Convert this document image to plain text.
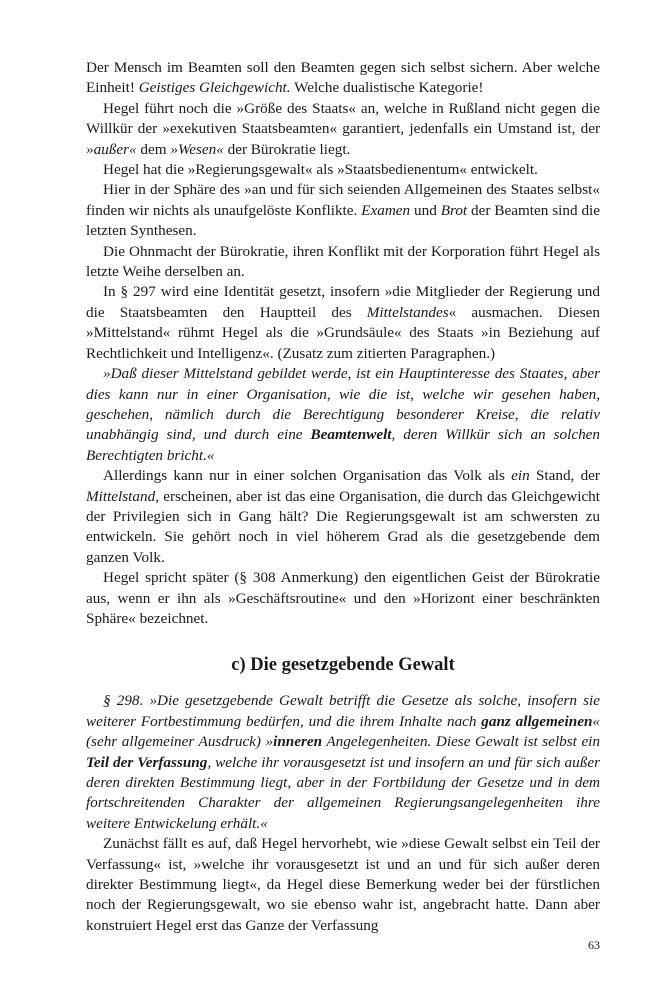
Der Mensch im Beamten soll den Beamten gegen sich selbst sichern. Aber welche Einheit! Geistiges Gleichgewicht. Welche dualistische Kategorie!

Hegel führt noch die »Größe des Staats« an, welche in Rußland nicht gegen die Willkür der »exekutiven Staatsbeamten« garantiert, jedenfalls ein Umstand ist, der »außer« dem »Wesen« der Bürokratie liegt.

Hegel hat die »Regierungsgewalt« als »Staatsbedienentum« entwickelt.

Hier in der Sphäre des »an und für sich seienden Allgemeinen des Staates selbst« finden wir nichts als unaufgelöste Konflikte. Examen und Brot der Beamten sind die letzten Synthesen.

Die Ohnmacht der Bürokratie, ihren Konflikt mit der Korporation führt Hegel als letzte Weihe derselben an.

In § 297 wird eine Identität gesetzt, insofern »die Mitglieder der Regierung und die Staatsbeamten den Hauptteil des Mittelstandes« ausmachen. Diesen »Mittelstand« rühmt Hegel als die »Grundsäule« des Staats »in Beziehung auf Rechtlichkeit und Intelligenz«. (Zusatz zum zitierten Paragraphen.)

»Daß dieser Mittelstand gebildet werde, ist ein Hauptinteresse des Staates, aber dies kann nur in einer Organisation, wie die ist, welche wir gesehen haben, geschehen, nämlich durch die Berechtigung besonderer Kreise, die relativ unabhängig sind, und durch eine Beamtenwelt, deren Willkür sich an solchen Berechtigten bricht.«

Allerdings kann nur in einer solchen Organisation das Volk als ein Stand, der Mittelstand, erscheinen, aber ist das eine Organisation, die durch das Gleichgewicht der Privilegien sich in Gang hält? Die Regierungsgewalt ist am schwersten zu entwickeln. Sie gehört noch in viel höherem Grad als die gesetzgebende dem ganzen Volk.

Hegel spricht später (§ 308 Anmerkung) den eigentlichen Geist der Bürokratie aus, wenn er ihn als »Geschäftsroutine« und den »Horizont einer beschränkten Sphäre« bezeichnet.

c) Die gesetzgebende Gewalt

§ 298. »Die gesetzgebende Gewalt betrifft die Gesetze als solche, insofern sie weiterer Fortbestimmung bedürfen, und die ihrem Inhalte nach ganz allgemeinen« (sehr allgemeiner Ausdruck) »inneren Angelegenheiten. Diese Gewalt ist selbst ein Teil der Verfassung, welche ihr vorausgesetzt ist und insofern an und für sich außer deren direkten Bestimmung liegt, aber in der Fortbildung der Gesetze und in dem fortschreitenden Charakter der allgemeinen Regierungsangelegenheiten ihre weitere Entwickelung erhält.«

Zunächst fällt es auf, daß Hegel hervorhebt, wie »diese Gewalt selbst ein Teil der Verfassung« ist, »welche ihr vorausgesetzt ist und an und für sich außer deren direkter Bestimmung liegt«, da Hegel diese Bemerkung weder bei der fürstlichen noch der Regierungsgewalt, wo sie ebenso wahr ist, angebracht hatte. Dann aber konstruiert Hegel erst das Ganze der Verfassung

63
